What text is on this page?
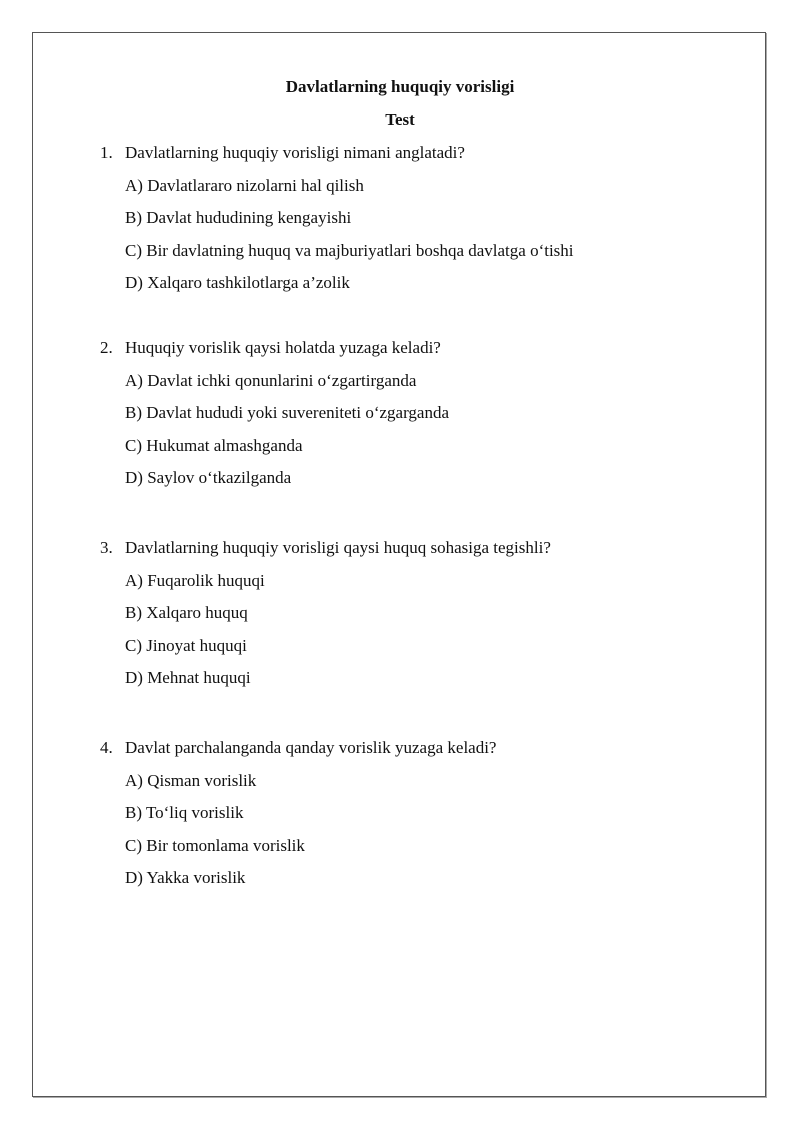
Davlatlarning huquqiy vorisligi
Test
1. Davlatlarning huquqiy vorisligi nimani anglatadi?
A) Davlatlararo nizolarni hal qilish
B) Davlat hududining kengayishi
C) Bir davlatning huquq va majburiyatlari boshqa davlatga o‘tishi
D) Xalqaro tashkilotlarga a’zolik
2. Huquqiy vorislik qaysi holatda yuzaga keladi?
A) Davlat ichki qonunlarini o‘zgartirganda
B) Davlat hududi yoki suvereniteti o‘zgarganda
C) Hukumat almashganda
D) Saylov o‘tkazilganda
3. Davlatlarning huquqiy vorisligi qaysi huquq sohasiga tegishli?
A) Fuqarolik huquqi
B) Xalqaro huquq
C) Jinoyat huquqi
D) Mehnat huquqi
4. Davlat parchalanganda qanday vorislik yuzaga keladi?
A) Qisman vorislik
B) To‘liq vorislik
C) Bir tomonlama vorislik
D) Yakka vorislik
